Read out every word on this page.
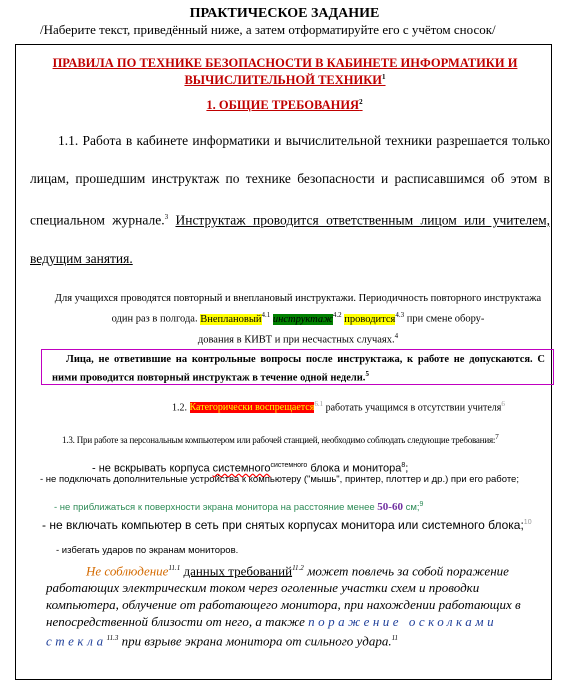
ПРАКТИЧЕСКОЕ ЗАДАНИЕ
/Наберите текст, приведённый ниже, а затем отформатируйте его с учётом сносок/
ПРАВИЛА ПО ТЕХНИКЕ БЕЗОПАСНОСТИ В КАБИНЕТЕ ИНФОРМАТИКИ И
ВЫЧИСЛИТЕЛЬНОЙ ТЕХНИКИ$^1$
1. ОБЩИЕ ТРЕБОВАНИЯ$^2$
1.1. Работа в кабинете информатики и вычислительной техники разрешается только лицам, прошедшим инструктаж по технике безопасности и расписавшимся об этом в специальном журнале.$^3$ Инструктаж проводится ответственным лицом или учителем, ведущим занятия.
Для учащихся проводятся повторный и внеплановый инструктажи. Периодичность повторного инструктажа один раз в полгода. Внеплановый$^{4.1}$ инструктаж$^{4.2}$ проводится$^{4.3}$ при смене обору-
дования в КИВТ и при несчастных случаях.$^4$
Лица, не ответившие на контрольные вопросы после инструктажа, к работе не допускаются. С ними проводится повторный инструктаж в течение одной недели.$^5$
1.2. Категорически воспрещается$^{6.1}$ работать учащимся в отсутствии учителя$^6$
1.3. При работе за персональным компьютером или рабочей станцией, необходимо соблюдать следующие требования:$^7$
- не вскрывать корпуса системного$^{системного}$ блока и монитора$^8$;
- не подключать дополнительные устройства к компьютеру ("мышь", принтер, плоттер и др.) при его работе;
- не приближаться к поверхности экрана монитора на расстояние менее 50-60 см;$^9$
- не включать компьютер в сеть при снятых корпусах монитора или системного блока;$^{10}$
- избегать ударов по экранам мониторов.
Не соблюдение$^{11.1}$ данных требований$^{11.2}$ может повлечь за собой поражение работающих электрическим током через оголенные участки схем и проводки компьютера, облучение от работающего монитора, при нахождении работающих в непосредственной близости от него, а также поражение осколками стекла$^{11.3}$ при взрыве экрана монитора от сильного удара.$^{11}$
